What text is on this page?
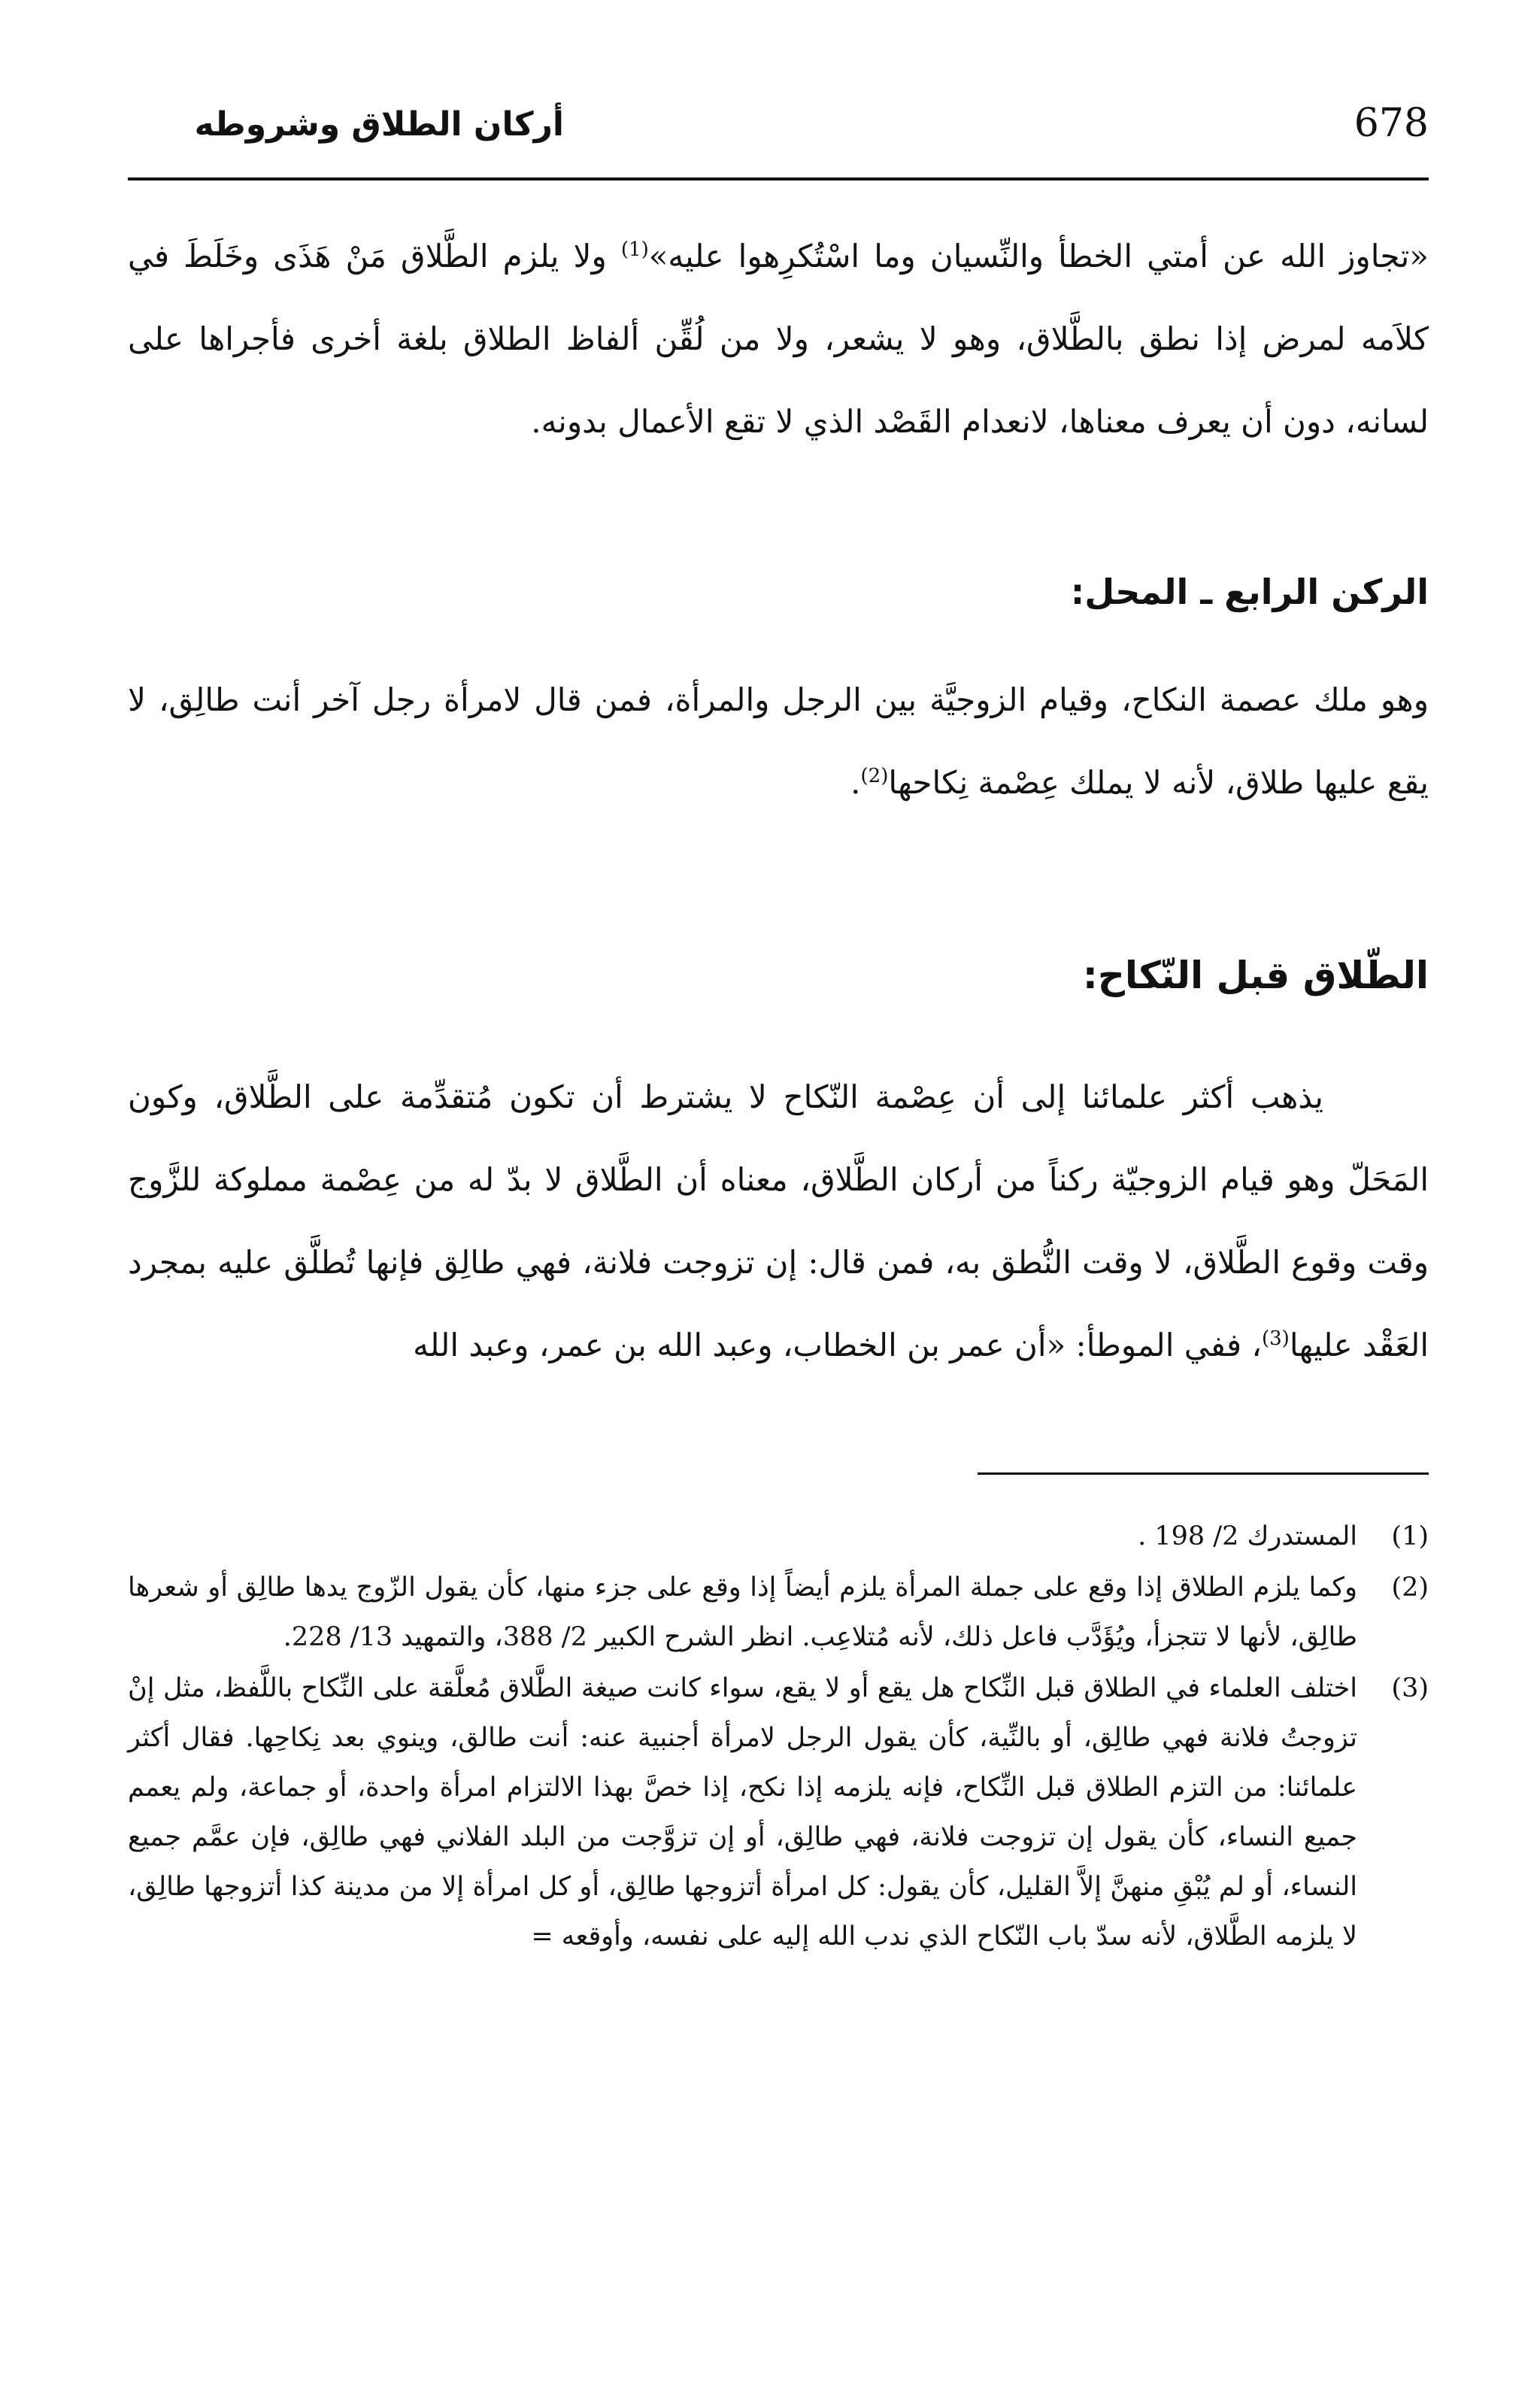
678
أركان الطلاق وشروطه

«تجاوز الله عن أمتي الخطأ والنِّسيان وما اسْتُكرِهوا عليه»$^{(1)}$ ولا يلزم الطَّلاق مَنْ هَذَى وخَلَطَ في كلاَمه لمرض إذا نطق بالطَّلاق، وهو لا يشعر، ولا من لُقِّن ألفاظ الطلاق بلغة أخرى فأجراها على لسانه، دون أن يعرف معناها، لانعدام القَصْد الذي لا تقع الأعمال بدونه.

الركن الرابع ـ المحل:

وهو ملك عصمة النكاح، وقيام الزوجيَّة بين الرجل والمرأة، فمن قال لامرأة رجل آخر أنت طالِق، لا يقع عليها طلاق، لأنه لا يملك عِصْمة نِكاحها$^{(2)}$.

الطّلاق قبل النّكاح:

يذهب أكثر علمائنا إلى أن عِصْمة النّكاح لا يشترط أن تكون مُتقدِّمة على الطَّلاق، وكون المَحَلّ وهو قيام الزوجيّة ركناً من أركان الطَّلاق، معناه أن الطَّلاق لا بدّ له من عِصْمة مملوكة للزَّوج وقت وقوع الطَّلاق، لا وقت النُّطق به، فمن قال: إن تزوجت فلانة، فهي طالِق فإنها تُطلَّق عليه بمجرد العَقْد عليها$^{(3)}$، ففي الموطأ: «أن عمر بن الخطاب، وعبد الله بن عمر، وعبد الله

(1)
المستدرك 2/ 198 .

(2)
وكما يلزم الطلاق إذا وقع على جملة المرأة يلزم أيضاً إذا وقع على جزء منها، كأن يقول الزّوج يدها طالِق أو شعرها طالِق، لأنها لا تتجزأ، ويُؤَدَّب فاعل ذلك، لأنه مُتلاعِب. انظر الشرح الكبير 2/ 388، والتمهيد 13/ 228.

(3)
اختلف العلماء في الطلاق قبل النِّكاح هل يقع أو لا يقع، سواء كانت صيغة الطَّلاق مُعلَّقة على النِّكاح باللَّفظ، مثل إنْ تزوجتُ فلانة فهي طالِق، أو بالنِّية، كأن يقول الرجل لامرأة أجنبية عنه: أنت طالق، وينوي بعد نِكاحِها. فقال أكثر علمائنا: من التزم الطلاق قبل النِّكاح، فإنه يلزمه إذا نكح، إذا خصَّ بهذا الالتزام امرأة واحدة، أو جماعة، ولم يعمم جميع النساء، كأن يقول إن تزوجت فلانة، فهي طالِق، أو إن تزوَّجت من البلد الفلاني فهي طالِق، فإن عمَّم جميع النساء، أو لم يُبْقِ منهنَّ إلاَّ القليل، كأن يقول: كل امرأة أتزوجها طالِق، أو كل امرأة إلا من مدينة كذا أتزوجها طالِق، لا يلزمه الطَّلاق، لأنه سدّ باب النّكاح الذي ندب الله إليه على نفسه، وأوقعه =
